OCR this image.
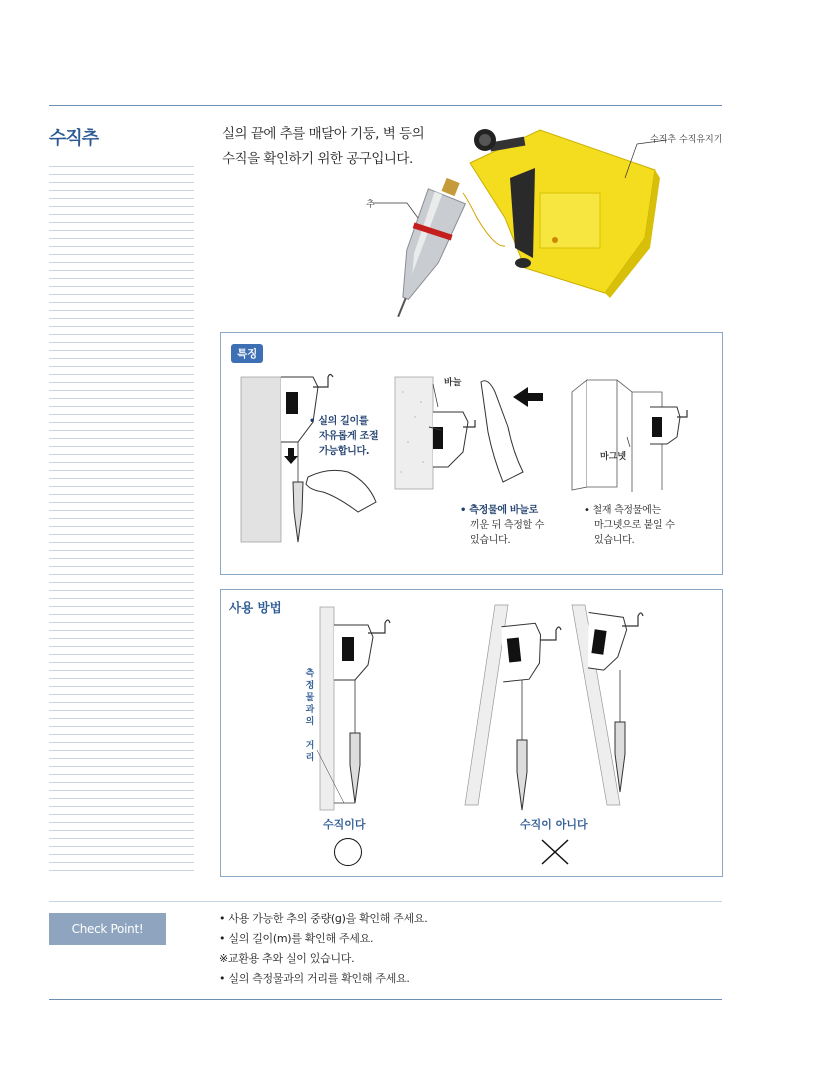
수직추	실의 끝에 추를 매달아 기둥, 벽 등의
수직을 확인하기 위한 공구입니다.
추
수직추 수직유지기
특징
• 실의 길이를
자유롭게 조절
가능합니다.
바늘
• 측정물에 바늘로
끼운 뒤 측정할 수
있습니다.
마그넷
• 철재 측정물에는
마그넷으로 붙일 수
있습니다.
사용 방법
측
정
물
과
의

거
리
수직이다	수직이 아니다
Check Point!
• 사용 가능한 추의 중량(g)을 확인해 주세요.
• 실의 길이(m)를 확인해 주세요.
※교환용 추와 실이 있습니다.
• 실의 측정물과의 거리를 확인해 주세요.
